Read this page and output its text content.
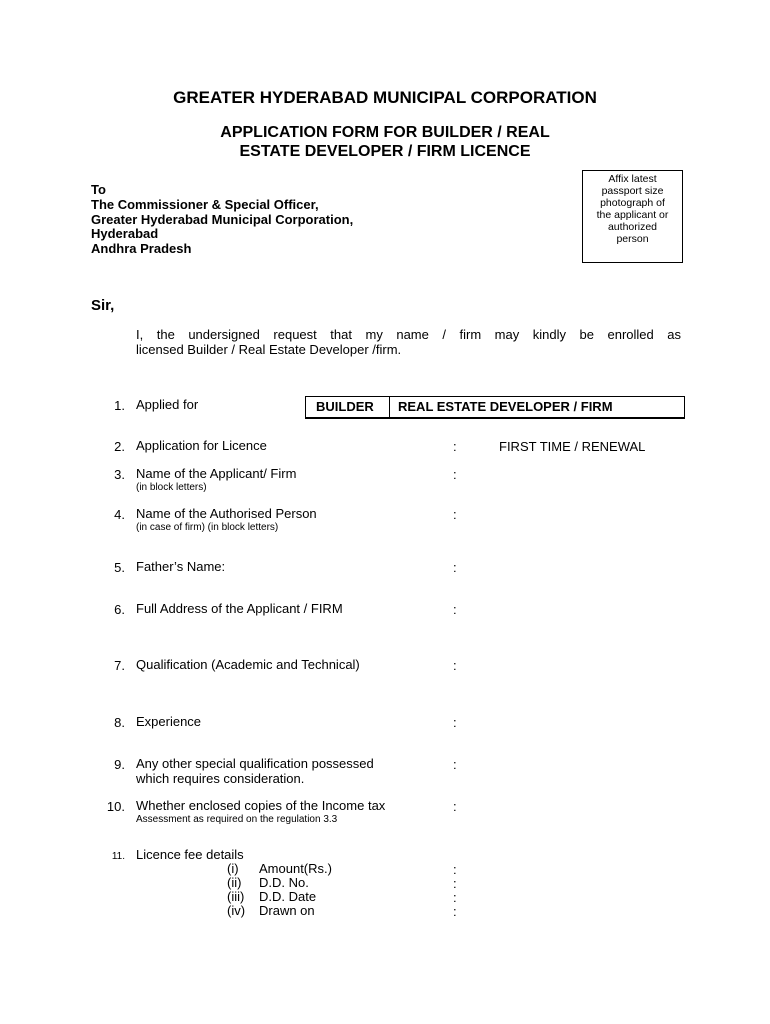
GREATER HYDERABAD MUNICIPAL CORPORATION
APPLICATION FORM FOR BUILDER / REAL
ESTATE DEVELOPER / FIRM LICENCE
To
The Commissioner & Special Officer,
Greater Hyderabad Municipal Corporation,
Hyderabad
Andhra Pradesh
Affix latest
passport size
photograph of
the applicant or
authorized
person
Sir,
I, the undersigned request that my name / firm may kindly be enrolled as
licensed Builder / Real Estate Developer /firm.
1. Applied for	BUILDER	REAL ESTATE DEVELOPER / FIRM
2. Application for Licence	:	FIRST TIME / RENEWAL
3. Name of the Applicant/ Firm
(in block letters)
:
4. Name of the Authorised Person
(in case of firm) (in block letters)
:
5. Father’s Name:	:
6. Full Address of the Applicant / FIRM	:
7. Qualification (Academic and Technical)	:
8. Experience	:
9. Any other special qualification possessed
which requires consideration.
:
10. Whether enclosed copies of the Income tax
Assessment as required on the regulation 3.3
:
11. Licence fee details
(i) Amount(Rs.)	:
(ii) D.D. No.	:
(iii) D.D. Date	:
(iv) Drawn on	:
